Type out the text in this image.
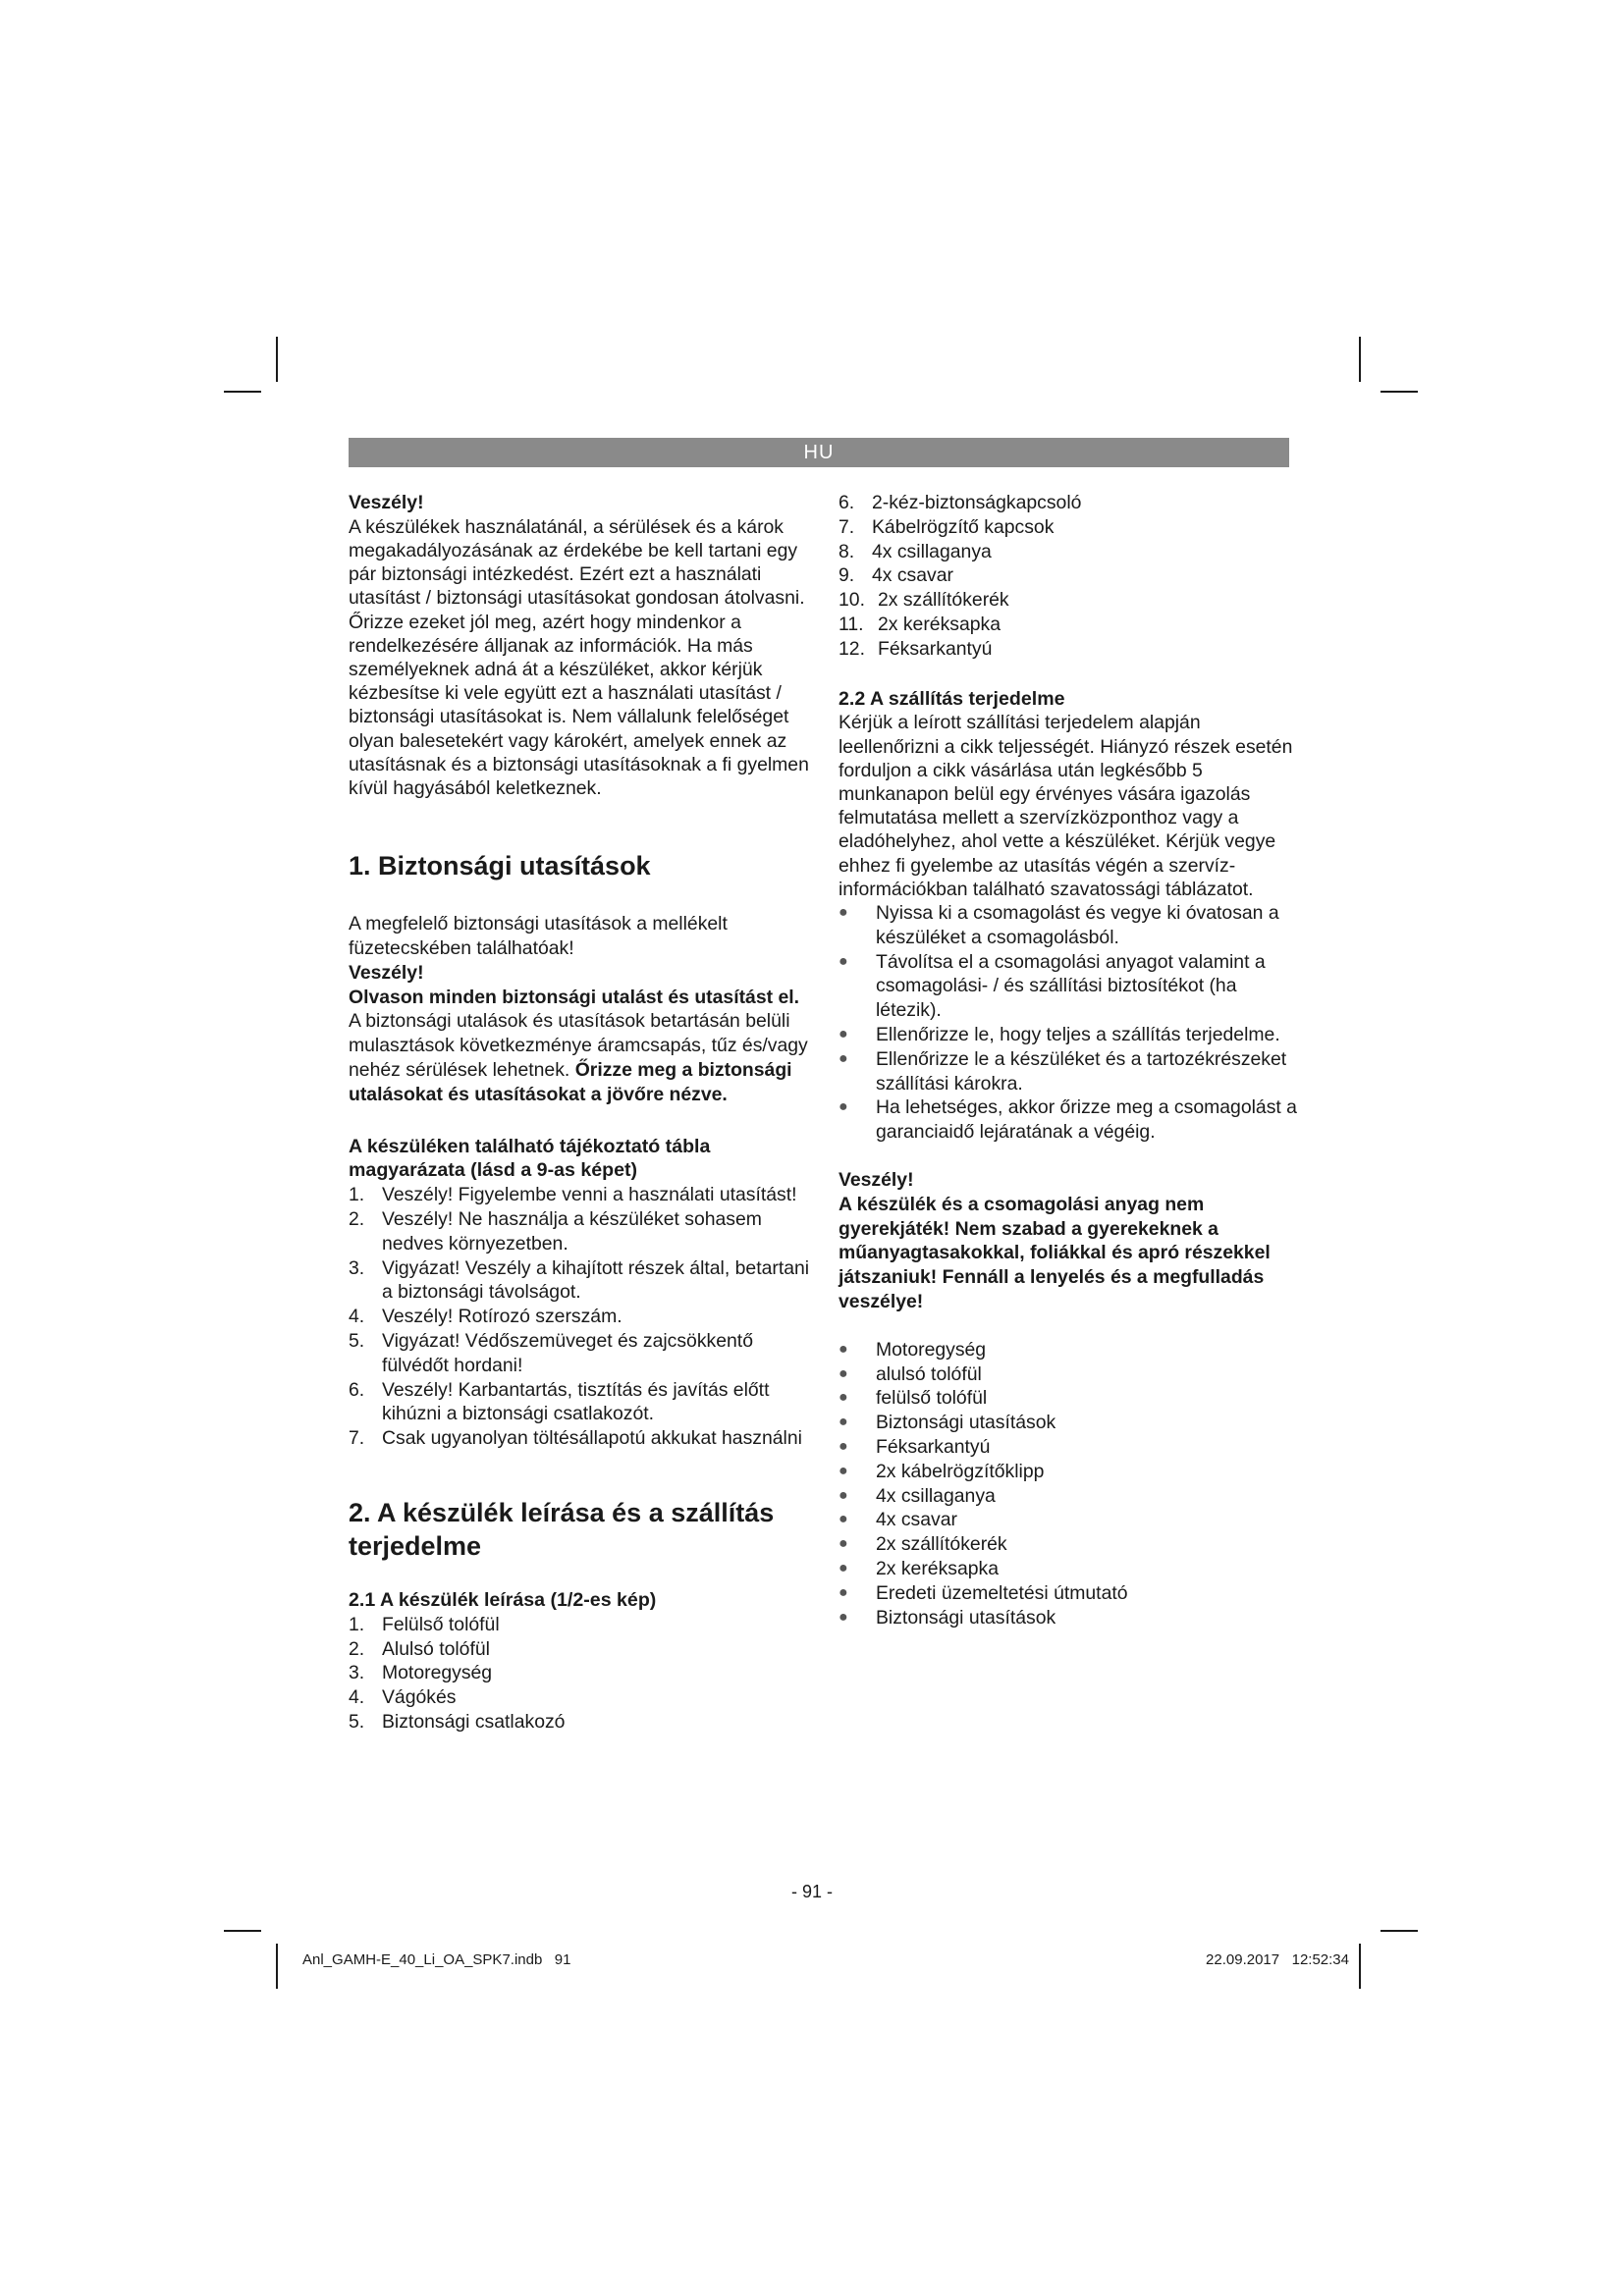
HU

Veszély!

A készülékek használatánál, a sérülések és a károk megakadályozásának az érdekébe be kell tartani egy pár biztonsági intézkedést. Ezért ezt a használati utasítást / biztonsági utasításokat gondosan átolvasni. Őrizze ezeket jól meg, azért hogy mindenkor a rendelkezésére álljanak az információk. Ha más személyeknek adná át a készüléket, akkor kérjük kézbesítse ki vele együtt ezt a használati utasítást / biztonsági utasításokat is. Nem vállalunk felelőséget olyan balesetekért vagy károkért, amelyek ennek az utasításnak és a biztonsági utasításoknak a fi gyelmen kívül hagyásából keletkeznek.

1. Biztonsági utasítások

A megfelelő biztonsági utasítások a mellékelt füzetecskében találhatóak!

Veszély!

Olvason minden biztonsági utalást és utasítást el. A biztonsági utalások és utasítások betartásán belüli mulasztások következménye áramcsapás, tűz és/vagy nehéz sérülések lehetnek. Őrizze meg a biztonsági utalásokat és utasításokat a jövőre nézve.

A készüléken található tájékoztató tábla magyarázata (lásd a 9-as képet)

1. Veszély! Figyelembe venni a használati utasítást!
2. Veszély! Ne használja a készüléket sohasem nedves környezetben.
3. Vigyázat! Veszély a kihajított részek által, betartani a biztonsági távolságot.
4. Veszély! Rotírozó szerszám.
5. Vigyázat! Védőszemüveget és zajcsökkentő fülvédőt hordani!
6. Veszély! Karbantartás, tisztítás és javítás előtt kihúzni a biztonsági csatlakozót.
7. Csak ugyanolyan töltésállapotú akkukat használni
2. A készülék leírása és a szállítás terjedelme

2.1 A készülék leírása (1/2-es kép)

1. Felülső tolófül
2. Alulsó tolófül
3. Motoregység
4. Vágókés
5. Biztonsági csatlakozó
6. 2-kéz-biztonságkapcsoló
7. Kábelrögzítő kapcsok
8. 4x csillaganya
9. 4x csavar
10. 2x szállítókerék
11. 2x keréksapka
12. Féksarkantyú

2.2 A szállítás terjedelme

Kérjük a leírott szállítási terjedelem alapján leellenőrizni a cikk teljességét. Hiányzó részek esetén forduljon a cikk vásárlása után legkésőbb 5 munkanapon belül egy érvényes vására igazolás felmutatása mellett a szervízközponthoz vagy a eladóhelyhez, ahol vette a készüléket. Kérjük vegye ehhez fi gyelembe az utasítás végén a szervíz-információkban található szavatossági táblázatot.

●	Nyissa ki a csomagolást és vegye ki óvatosan a készüléket a csomagolásból.
●	Távolítsa el a csomagolási anyagot valamint a csomagolási- / és szállítási biztosítékot (ha létezik).
●	Ellenőrizze le, hogy teljes a szállítás terjedelme.
●	Ellenőrizze le a készüléket és a tartozékrészeket szállítási károkra.
●	Ha lehetséges, akkor őrizze meg a csomagolást a garanciaidő lejáratának a végéig.

Veszély!

A készülék és a csomagolási anyag nem gyerekjáték! Nem szabad a gyerekeknek a műanyagtasakokkal, foliákkal és apró részekkel játszaniuk! Fennáll a lenyelés és a megfulladás veszélye!

●	Motoregység
●	alulsó tolófül
●	felülső tolófül
●	Biztonsági utasítások
●	Féksarkantyú
●	2x kábelrögzítőklipp
●	4x csillaganya
●	4x csavar
●	2x szállítókerék
●	2x keréksapka
●	Eredeti üzemeltetési útmutató
●	Biztonsági utasítások
- 91 -
Anl_GAMH-E_40_Li_OA_SPK7.indb   91	22.09.2017   12:52:34
